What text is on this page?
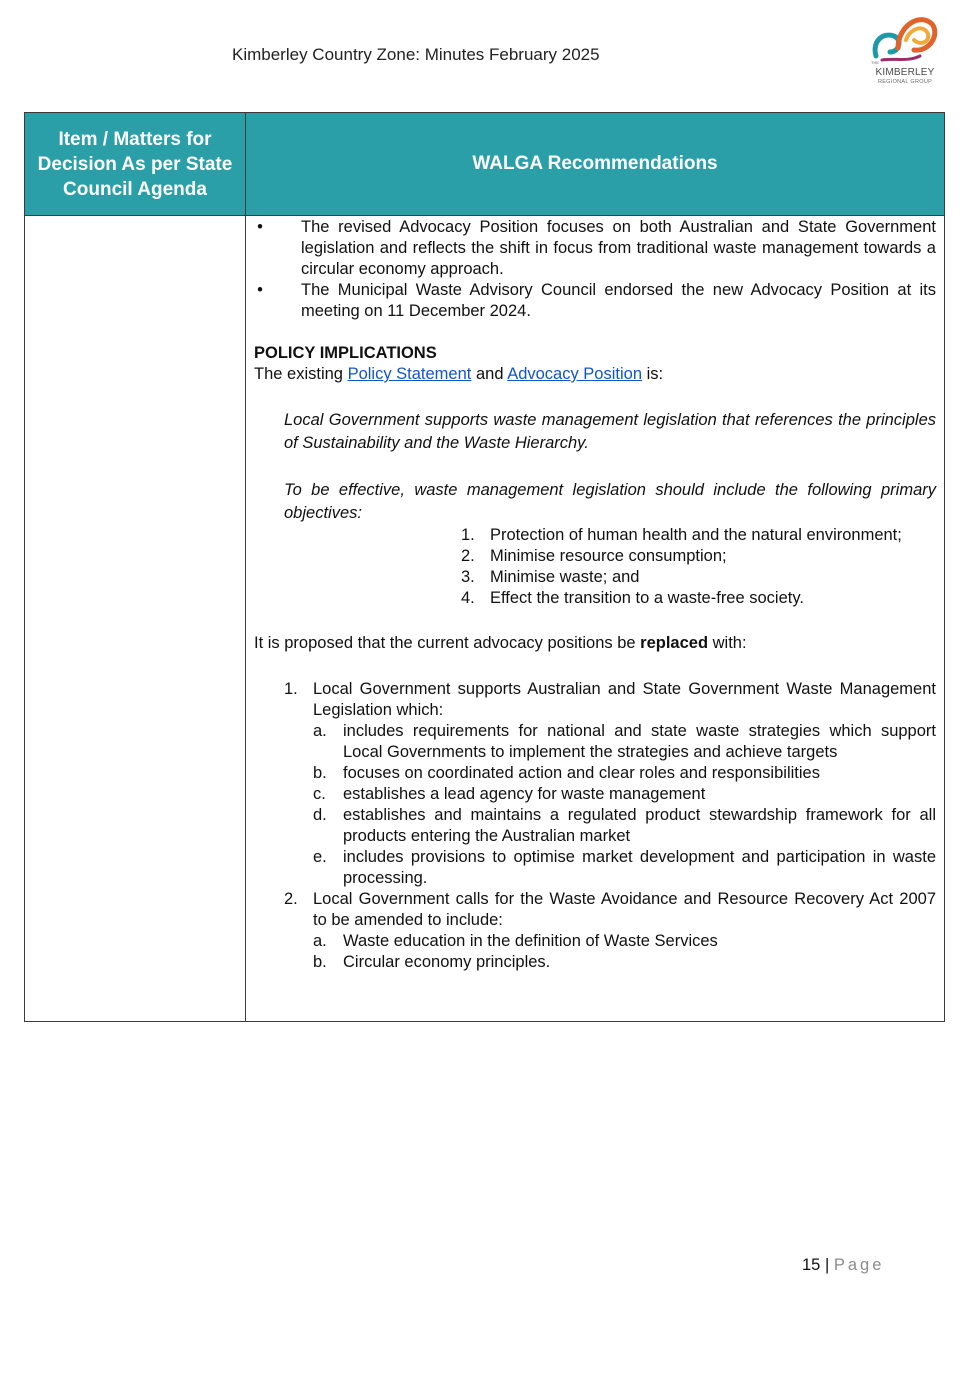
Kimberley Country Zone: Minutes February 2025	THE
KIMBERLEY
REGIONAL GROUP
Item / Matters for Decision As per State Council Agenda
WALGA Recommendations
• The revised Advocacy Position focuses on both Australian and State Government legislation and reflects the shift in focus from traditional waste management towards a circular economy approach.
• The Municipal Waste Advisory Council endorsed the new Advocacy Position at its meeting on 11 December 2024.
POLICY IMPLICATIONS
The existing Policy Statement and Advocacy Position is:
Local Government supports waste management legislation that references the principles of Sustainability and the Waste Hierarchy.
To be effective, waste management legislation should include the following primary objectives:
1. Protection of human health and the natural environment;
2. Minimise resource consumption;
3. Minimise waste; and
4. Effect the transition to a waste-free society.
It is proposed that the current advocacy positions be replaced with:
1. Local Government supports Australian and State Government Waste Management Legislation which:
a. includes requirements for national and state waste strategies which support Local Governments to implement the strategies and achieve targets
b. focuses on coordinated action and clear roles and responsibilities
c. establishes a lead agency for waste management
d. establishes and maintains a regulated product stewardship framework for all products entering the Australian market
e. includes provisions to optimise market development and participation in waste processing.
2. Local Government calls for the Waste Avoidance and Resource Recovery Act 2007 to be amended to include:
a. Waste education in the definition of Waste Services
b. Circular economy principles.
15 | Page
